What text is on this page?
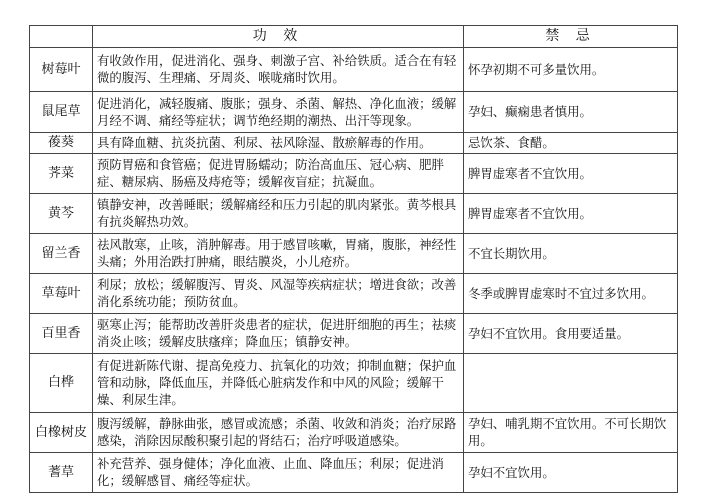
	功 效	禁 忌
树莓叶	有收敛作用，促进消化、强身、刺激子宫、补给铁质。适合在有轻微的腹泻、生理痛、牙周炎、喉咙痛时饮用。	怀孕初期不可多量饮用。
鼠尾草	促进消化，减轻腹痛、腹胀；强身、杀菌、解热、净化血液；缓解月经不调、痛经等症状；调节绝经期的潮热、出汗等现象。	孕妇、癫痫患者慎用。
葰葵	具有降血糖、抗炎抗菌、利尿、祛风除湿、散瘀解毒的作用。	忌饮茶、食醋。
荠菜	预防胃癌和食管癌；促进胃肠蠕动；防治高血压、冠心病、肥胖症、糖尿病、肠癌及痔疮等；缓解夜盲症；抗凝血。	脾胃虚寒者不宜饮用。
黄芩	镇静安神，改善睡眠；缓解痛经和压力引起的肌肉紧张。黄芩根具有抗炎解热功效。	脾胃虚寒者不宜饮用。
留兰香	祛风散寒，止咳，消肿解毒。用于感冒咳嗽，胃痛，腹胀，神经性头痛；外用治跌打肿痛，眼结膜炎，小儿疮疥。	不宜长期饮用。
草莓叶	利尿；放松；缓解腹泻、胃炎、风湿等疾病症状；增进食欲；改善消化系统功能；预防贫血。	冬季或脾胃虚寒时不宜过多饮用。
百里香	驱寒止泻；能帮助改善肝炎患者的症状，促进肝细胞的再生；祛痰消炎止咳；缓解皮肤瘙痒；降血压；镇静安神。	孕妇不宜饮用。食用要适量。
白桦	有促进新陈代谢、提高免疫力、抗氧化的功效；抑制血糖；保护血管和动脉，降低血压，并降低心脏病发作和中风的风险；缓解干燥、利尿生津。	
白橡树皮	腹泻缓解，静脉曲张，感冒或流感；杀菌、收敛和消炎；治疗尿路感染，消除因尿酸积聚引起的肾结石；治疗呼吸道感染。	孕妇、哺乳期不宜饮用。不可长期饮用。
蓍草	补充营养、强身健体；净化血液、止血、降血压；利尿；促进消化；缓解感冒、痛经等症状。	孕妇不宜饮用。
